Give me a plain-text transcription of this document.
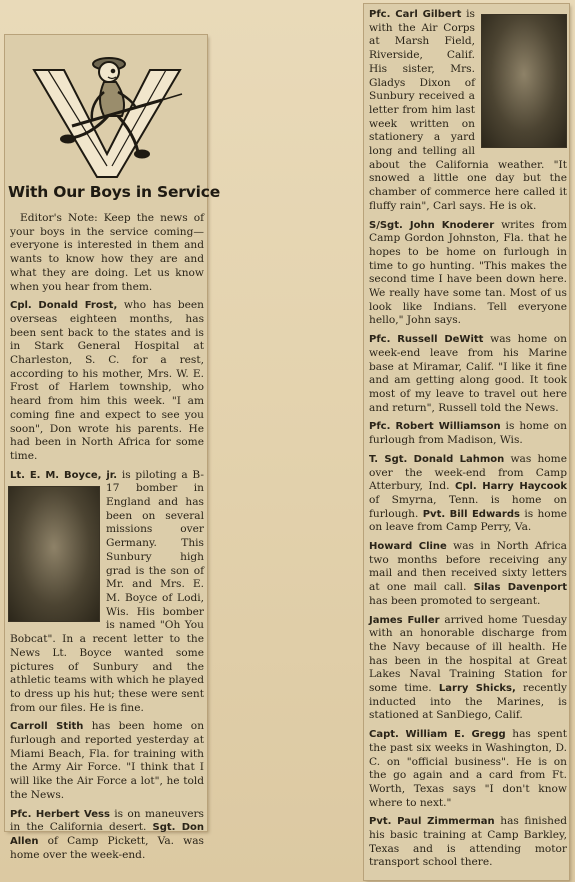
With Our Boys in Service

Editor's Note: Keep the news of your boys in the service coming—everyone is interested in them and wants to know how they are and what they are doing. Let us know when you hear from them.

Cpl. Donald Frost, who has been overseas eighteen months, has been sent back to the states and is in Stark General Hospital at Charleston, S. C. for a rest, according to his mother, Mrs. W. E. Frost of Harlem township, who heard from him this week. "I am coming fine and expect to see you soon", Don wrote his parents. He had been in North Africa for some time.

Lt. E. M. Boyce, jr.
is piloting a B-17 bomber in England and has been on several missions over Germany. This Sunbury high grad is the son of Mr. and Mrs. E. M. Boyce of Lodi, Wis. His bomber is named "Oh You Bobcat". In a recent letter to the News Lt. Boyce wanted some pictures of Sunbury and the athletic teams with which he played to dress up his hut; these were sent from our files. He is fine.

Carroll Stith has been home on furlough and reported yesterday at Miami Beach, Fla. for training with the Army Air Force. "I think that I will like the Air Force a lot", he told the News.

Pfc. Herbert Vess is on maneuvers in the California desert. Sgt. Don Allen of Camp Pickett, Va. was home over the week-end.

Pfc. Carl Gilbert
is with the Air Corps at Marsh Field, Riverside, Calif. His sister, Mrs. Gladys Dixon of Sunbury received a letter from him last week written on stationery a yard long and telling all about the California weather. "It snowed a little one day but the chamber of commerce here called it fluffy rain", Carl says. He is ok.

S/Sgt. John Knoderer writes from Camp Gordon Johnston, Fla. that he hopes to be home on furlough in time to go hunting. "This makes the second time I have been down here. We really have some tan. Most of us look like Indians. Tell everyone hello," John says.

Pfc. Russell DeWitt was home on week-end leave from his Marine base at Miramar, Calif. "I like it fine and am getting along good. It took most of my leave to travel out here and return", Russell told the News.

Pfc. Robert Williamson is home on furlough from Madison, Wis.

T. Sgt. Donald Lahmon was home over the week-end from Camp Atterbury, Ind. Cpl. Harry Haycook of Smyrna, Tenn. is home on furlough. Pvt. Bill Edwards is home on leave from Camp Perry, Va.

Howard Cline was in North Africa two months before receiving any mail and then received sixty letters at one mail call. Silas Davenport has been promoted to sergeant.

James Fuller arrived home Tuesday with an honorable discharge from the Navy because of ill health. He has been in the hospital at Great Lakes Naval Training Station for some time. Larry Shicks, recently inducted into the Marines, is stationed at SanDiego, Calif.

Capt. William E. Gregg has spent the past six weeks in Washington, D. C. on "official business". He is on the go again and a card from Ft. Worth, Texas says "I don't know where to next."

Pvt. Paul Zimmerman has finished his basic training at Camp Barkley, Texas and is attending motor transport school there.
